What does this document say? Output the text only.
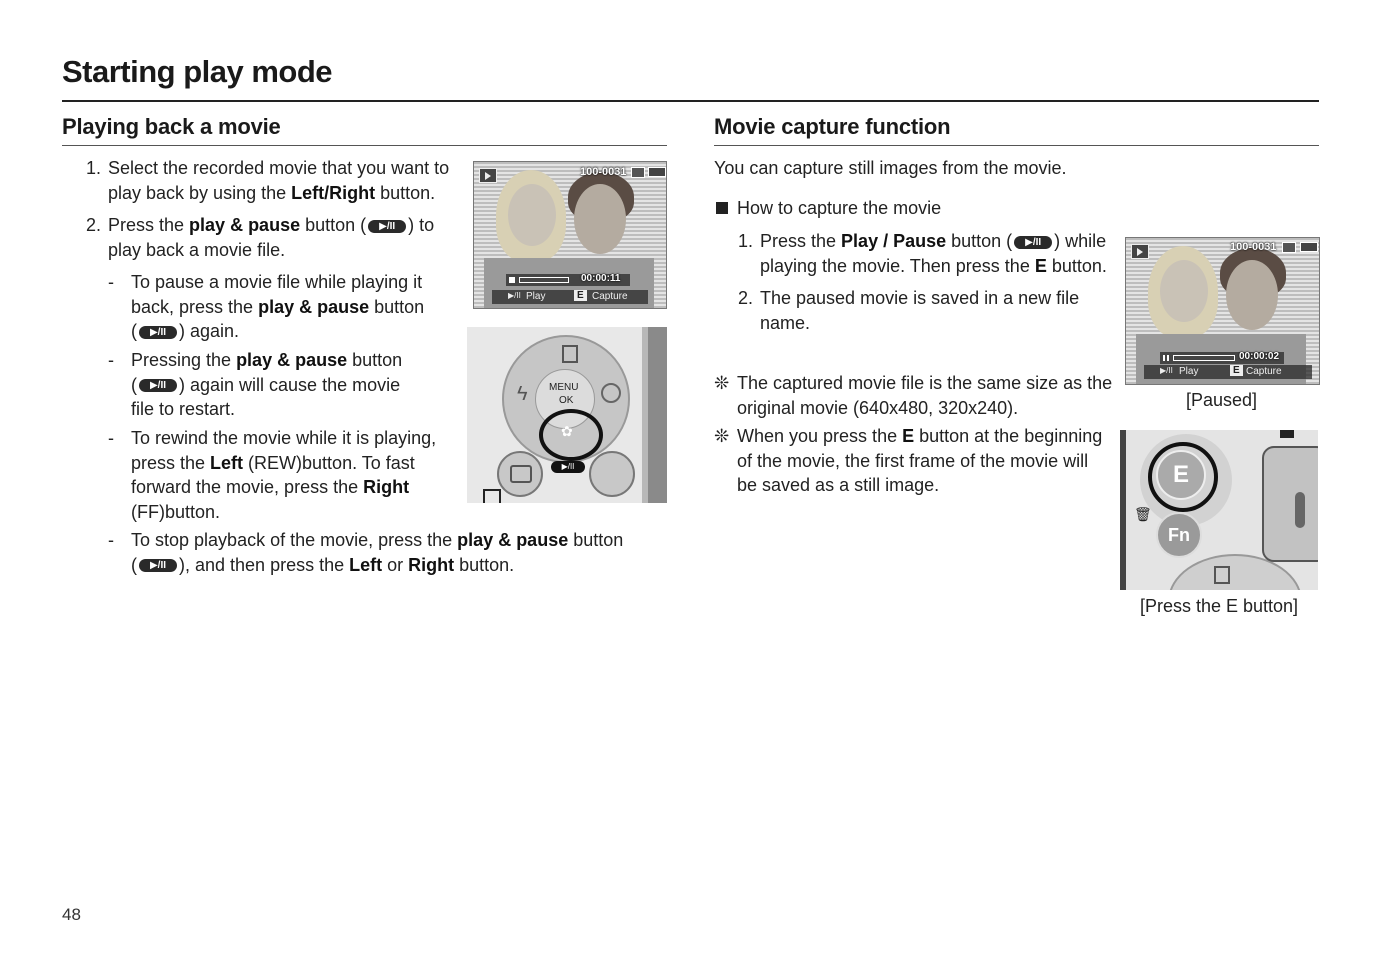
Starting play mode
Playing back a movie
1. Select the recorded movie that you want to
play back by using the Left/Right button.
2. Press the play & pause button ( ▶/II ) to
play back a movie file.
- To pause a movie file while playing it
back, press the play & pause button
( ▶/II ) again.
- Pressing the play & pause button
( ▶/II ) again will cause the movie
file to restart.
- To rewind the movie while it is playing,
press the Left (REW)button. To fast
forward the movie, press the Right
(FF)button.
- To stop playback of the movie, press the play & pause button
( ▶/II ), and then press the Left or Right button.
100-0031
00:00:11
▶/II Play	E Capture
MENU
OK
ϟ
✿
▶/II
Movie capture function
You can capture still images from the movie.
How to capture the movie
1. Press the Play / Pause button ( ▶/II ) while
playing the movie. Then press the E button.
2. The paused movie is saved in a new file
name.
❊ The captured movie file is the same size as the
original movie (640x480, 320x240).
❊ When you press the E button at the beginning
of the movie, the first frame of the movie will
be saved as a still image.
100-0031
00:00:02
▶/II Play	E Capture
[Paused]
E
Fn
🗑
[Press the E button]
48
